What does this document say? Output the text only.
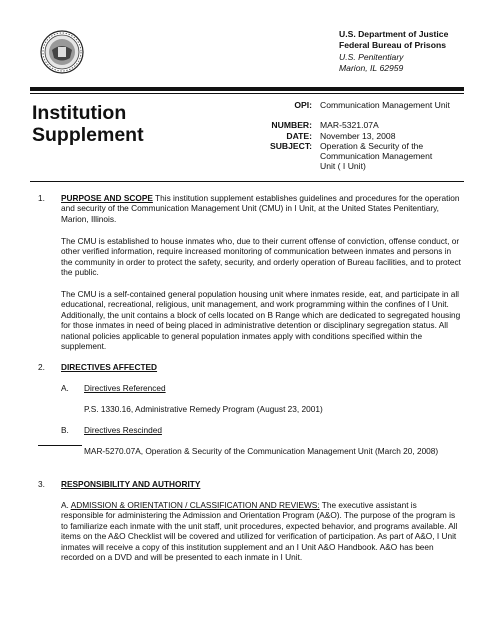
U.S. Department of Justice
Federal Bureau of Prisons
U.S. Penitentiary
Marion, IL 62959
Institution
Supplement
OPI: Communication Management Unit
NUMBER: MAR-5321.07A
DATE: November 13, 2008
SUBJECT: Operation & Security of the Communication Management Unit ( I Unit)
1. PURPOSE AND SCOPE This institution supplement establishes guidelines and procedures for the operation and security of the Communication Management Unit (CMU) in I Unit, at the United States Penitentiary, Marion, Illinois.
The CMU is established to house inmates who, due to their current offense of conviction, offense conduct, or other verified information, require increased monitoring of communication between inmates and persons in the community in order to protect the safety, security, and orderly operation of Bureau facilities, and to protect the public.
The CMU is a self-contained general population housing unit where inmates reside, eat, and participate in all educational, recreational, religious, unit management, and work programming within the confines of I Unit. Additionally, the unit contains a block of cells located on B Range which are dedicated to segregated housing for those inmates in need of being placed in administrative detention or disciplinary segregation status. All national policies applicable to general population inmates apply with conditions specified within the supplement.
2. DIRECTIVES AFFECTED
A. Directives Referenced
P.S. 1330.16, Administrative Remedy Program (August 23, 2001)
B. Directives Rescinded
MAR-5270.07A, Operation & Security of the Communication Management Unit (March 20, 2008)
3. RESPONSIBILITY AND AUTHORITY
A. ADMISSION & ORIENTATION / CLASSIFICATION AND REVIEWS: The executive assistant is responsible for administering the Admission and Orientation Program (A&O). The purpose of the program is to familiarize each inmate with the unit staff, unit procedures, expected behavior, and programs available. All items on the A&O Checklist will be covered and utilized for verification of participation. As part of A&O, I Unit inmates will receive a copy of this institution supplement and an I Unit A&O Handbook. A&O has been recorded on a DVD and will be presented to each inmate in I Unit.
